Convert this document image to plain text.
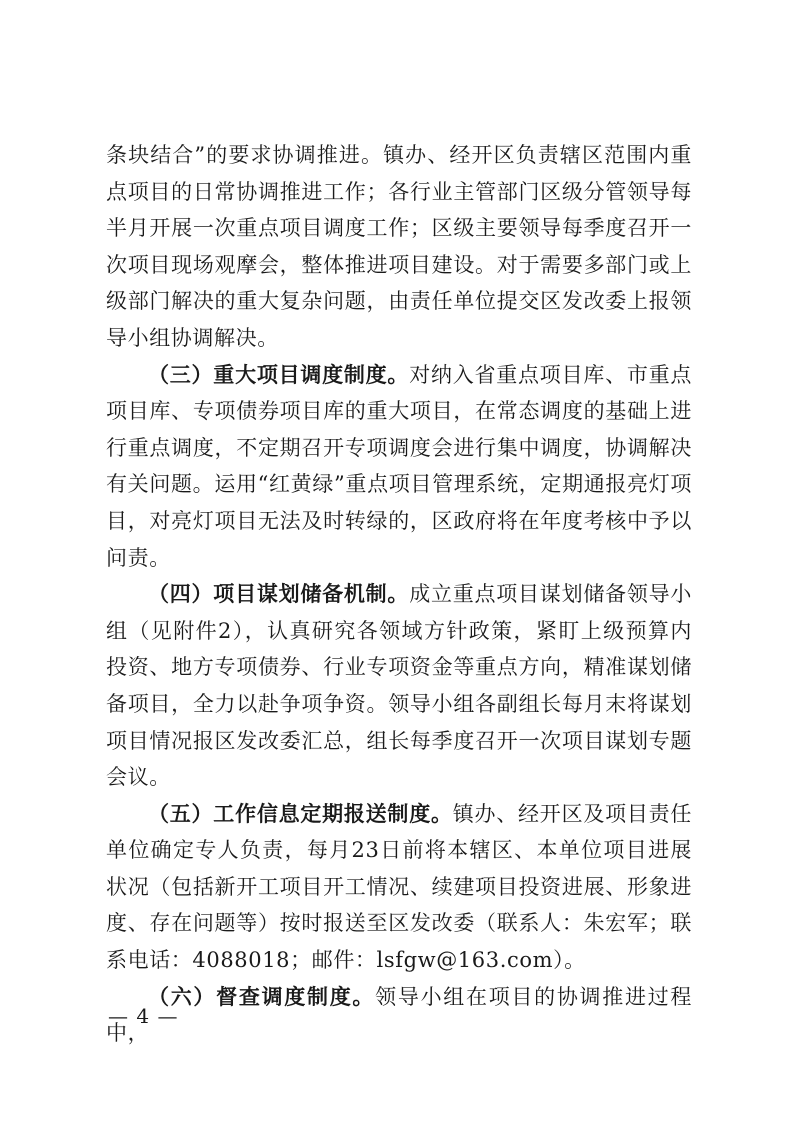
条块结合”的要求协调推进。镇办、经开区负责辖区范围内重点项目的日常协调推进工作；各行业主管部门区级分管领导每半月开展一次重点项目调度工作；区级主要领导每季度召开一次项目现场观摩会，整体推进项目建设。对于需要多部门或上级部门解决的重大复杂问题，由责任单位提交区发改委上报领导小组协调解决。

（三）重大项目调度制度。对纳入省重点项目库、市重点项目库、专项债券项目库的重大项目，在常态调度的基础上进行重点调度，不定期召开专项调度会进行集中调度，协调解决有关问题。运用“红黄绿”重点项目管理系统，定期通报亮灯项目，对亮灯项目无法及时转绿的，区政府将在年度考核中予以问责。

（四）项目谋划储备机制。成立重点项目谋划储备领导小组（见附件2），认真研究各领域方针政策，紧盯上级预算内投资、地方专项债券、行业专项资金等重点方向，精准谋划储备项目，全力以赴争项争资。领导小组各副组长每月末将谋划项目情况报区发改委汇总，组长每季度召开一次项目谋划专题会议。

（五）工作信息定期报送制度。镇办、经开区及项目责任单位确定专人负责，每月23日前将本辖区、本单位项目进展状况（包括新开工项目开工情况、续建项目投资进展、形象进度、存在问题等）按时报送至区发改委（联系人：朱宏军；联系电话：4088018；邮件：lsfgw@163.com）。

（六）督查调度制度。领导小组在项目的协调推进过程中，

— 4 —
